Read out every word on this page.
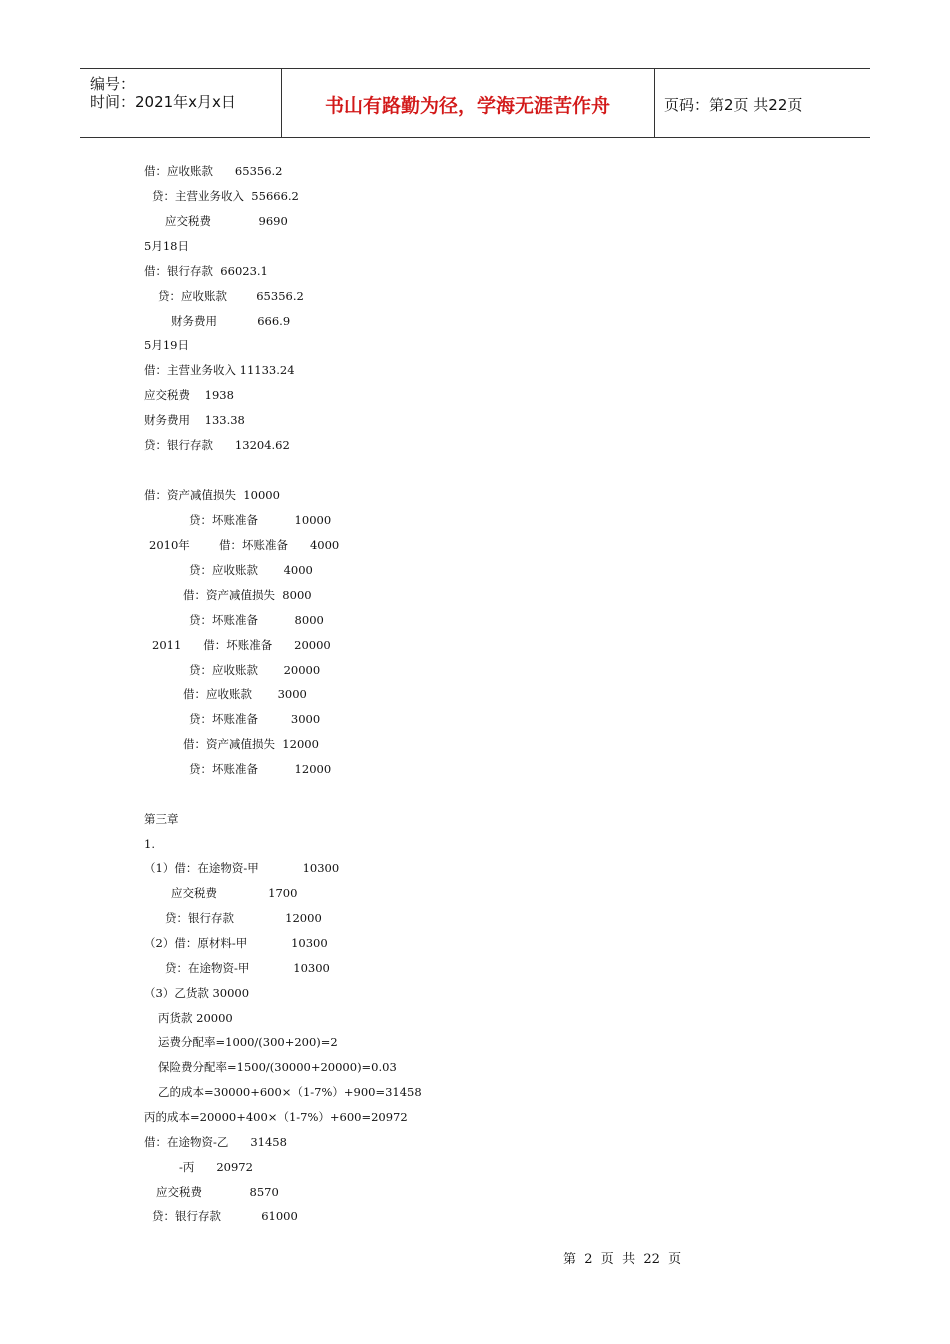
编号：
时间：2021年x月x日	书山有路勤为径，学海无涯苦作舟	页码：第2页 共22页
借：应收账款      65356.2
贷：主营业务收入  55666.2
应交税费             9690
5月18日
借：银行存款  66023.1
贷：应收账款        65356.2
财务费用           666.9
5月19日
借：主营业务收入 11133.24
应交税费    1938
财务费用    133.38
贷：银行存款      13204.62
借：资产减值损失  10000
贷：坏账准备          10000
2010年        借：坏账准备      4000
贷：应收账款       4000
借：资产减值损失  8000
贷：坏账准备          8000
2011      借：坏账准备      20000
贷：应收账款       20000
借：应收账款       3000
贷：坏账准备         3000
借：资产减值损失  12000
贷：坏账准备          12000
第三章
1.
（1）借：在途物资-甲            10300
应交税费              1700
贷：银行存款              12000
（2）借：原材料-甲            10300
贷：在途物资-甲            10300
（3）乙货款 30000
丙货款 20000
运费分配率=1000/(300+200)=2
保险费分配率=1500/(30000+20000)=0.03
乙的成本=30000+600×（1-7%）+900=31458
丙的成本=20000+400×（1-7%）+600=20972
借：在途物资-乙      31458
-丙      20972
应交税费             8570
贷：银行存款           61000
第  2  页  共  22  页
